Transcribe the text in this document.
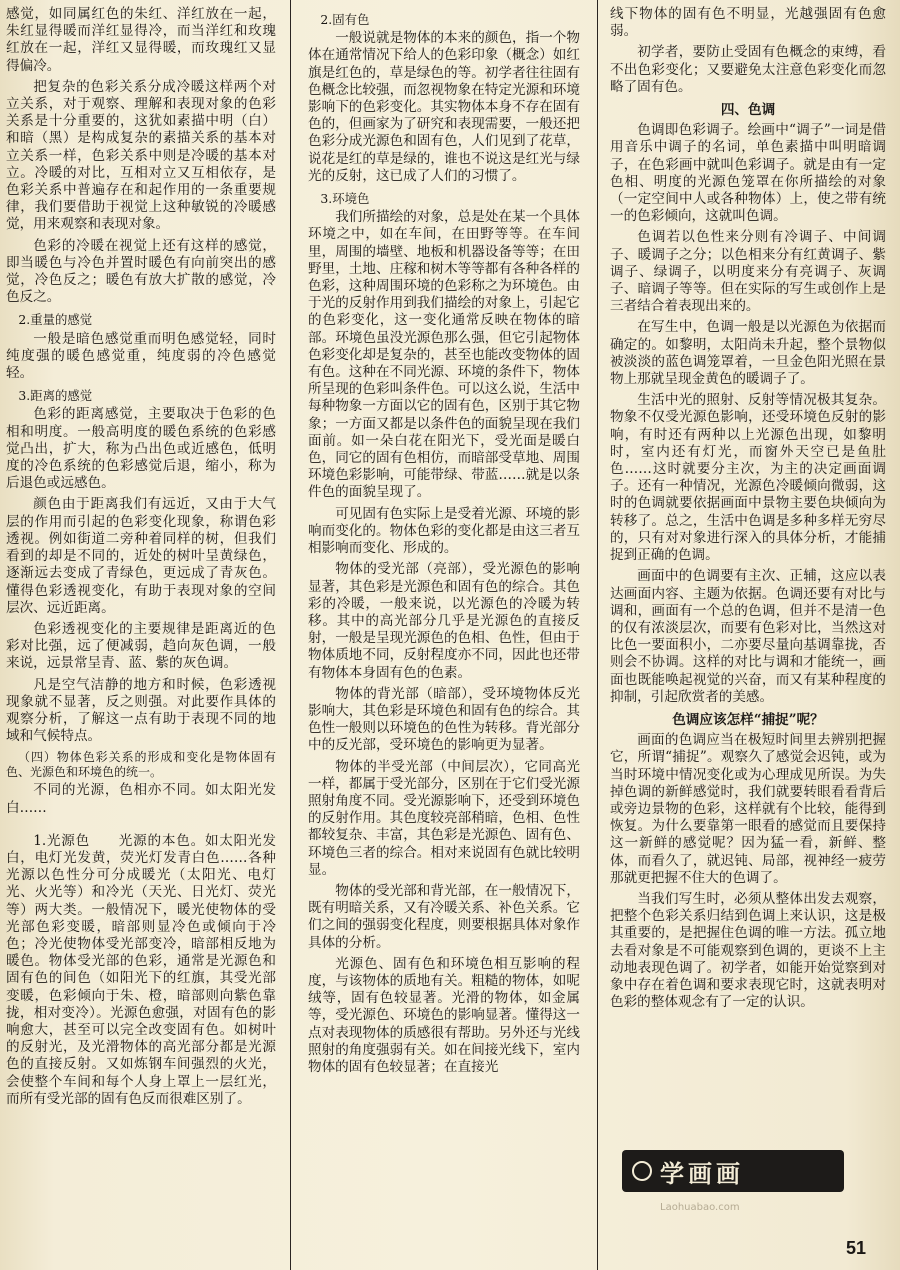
感觉，如同属红色的朱红、洋红放在一起，朱红显得暖而洋红显得冷，而当洋红和玫瑰红放在一起，洋红又显得暖，而玫瑰红又显得偏冷。

把复杂的色彩关系分成冷暖这样两个对立关系，对于观察、理解和表现对象的色彩关系是十分重要的，这犹如素描中明（白）和暗（黑）是构成复杂的素描关系的基本对立关系一样，色彩关系中则是冷暖的基本对立。冷暖的对比，互相对立又互相依存，是色彩关系中普遍存在和起作用的一条重要规律，我们要借助于视觉上这种敏锐的冷暖感觉，用来观察和表现对象。

色彩的冷暖在视觉上还有这样的感觉，即当暖色与冷色并置时暖色有向前突出的感觉，冷色反之；暖色有放大扩散的感觉，冷色反之。

2.重量的感觉

一般是暗色感觉重而明色感觉轻，同时纯度强的暖色感觉重，纯度弱的冷色感觉轻。

3.距离的感觉

色彩的距离感觉，主要取决于色彩的色相和明度。一般高明度的暖色系统的色彩感觉凸出，扩大，称为凸出色或近感色，低明度的冷色系统的色彩感觉后退，缩小，称为后退色或远感色。

颜色由于距离我们有远近，又由于大气层的作用而引起的色彩变化现象，称谓色彩透视。例如街道二旁种着同样的树，但我们看到的却是不同的，近处的树叶呈黄绿色，逐渐远去变成了青绿色，更远成了青灰色。懂得色彩透视变化，有助于表现对象的空间层次、远近距离。

色彩透视变化的主要规律是距离近的色彩对比强，远了便减弱，趋向灰色调，一般来说，远景常呈青、蓝、紫的灰色调。

凡是空气洁静的地方和时候，色彩透视现象就不显著，反之则强。对此要作具体的观察分析，了解这一点有助于表现不同的地域和气候特点。

（四）物体色彩关系的形成和变化是物体固有色、光源色和环境色的统一。

不同的光源，色相亦不同。如太阳光发白……

1.光源色　　光源的本色。如太阳光发白，电灯光发黄，荧光灯发青白色……各种光源以色性分可分成暖光（太阳光、电灯光、火光等）和冷光（天光、日光灯、荧光等）两大类。一般情况下，暖光使物体的受光部色彩变暖，暗部则显冷色或倾向于冷色；冷光使物体受光部变冷，暗部相反地为暖色。物体受光部的色彩，通常是光源色和固有色的间色（如阳光下的红旗，其受光部变暖，色彩倾向于朱、橙，暗部则向紫色靠拢，相对变冷）。光源色愈强，对固有色的影响愈大，甚至可以完全改变固有色。如树叶的反射光，及光滑物体的高光部分都是光源色的直接反射。又如炼钢车间强烈的火光，会使整个车间和每个人身上罩上一层红光，而所有受光部的固有色反而很难区别了。

2.固有色

一般说就是物体的本来的颜色，指一个物体在通常情况下给人的色彩印象（概念）如红旗是红色的，草是绿色的等。初学者往往固有色概念比较强，而忽视物象在特定光源和环境影响下的色彩变化。其实物体本身不存在固有色的，但画家为了研究和表现需要，一般还把色彩分成光源色和固有色，人们见到了花草，说花是红的草是绿的，谁也不说这是红光与绿光的反射，这已成了人们的习惯了。

3.环境色

我们所描绘的对象，总是处在某一个具体环境之中，如在车间，在田野等等。在车间里，周围的墙壁、地板和机器设备等等；在田野里，土地、庄稼和树木等等都有各种各样的色彩，这种周围环境的色彩称之为环境色。由于光的反射作用到我们描绘的对象上，引起它的色彩变化，这一变化通常反映在物体的暗部。环境色虽没光源色那么强，但它引起物体色彩变化却是复杂的，甚至也能改变物体的固有色。这种在不同光源、环境的条件下，物体所呈现的色彩叫条件色。可以这么说，生活中每种物象一方面以它的固有色，区别于其它物象；一方面又都是以条件色的面貌呈现在我们面前。如一朵白花在阳光下，受光面是暖白色，同它的固有色相仿，而暗部受草地、周围环境色彩影响，可能带绿、带蓝……就是以条件色的面貌呈现了。

可见固有色实际上是受着光源、环境的影响而变化的。物体色彩的变化都是由这三者互相影响而变化、形成的。

物体的受光部（亮部），受光源色的影响显著，其色彩是光源色和固有色的综合。其色彩的冷暖，一般来说，以光源色的冷暖为转移。其中的高光部分几乎是光源色的直接反射，一般是呈现光源色的色相、色性，但由于物体质地不同，反射程度亦不同，因此也还带有物体本身固有色的色素。

物体的背光部（暗部），受环境物体反光影响大，其色彩是环境色和固有色的综合。其色性一般则以环境色的色性为转移。背光部分中的反光部，受环境色的影响更为显著。

物体的半受光部（中间层次），它同高光一样，都属于受光部分，区别在于它们受光源照射角度不同。受光源影响下，还受到环境色的反射作用。其色度较亮部稍暗，色相、色性都较复杂、丰富，其色彩是光源色、固有色、环境色三者的综合。相对来说固有色就比较明显。

物体的受光部和背光部，在一般情况下，既有明暗关系，又有冷暖关系、补色关系。它们之间的强弱变化程度，则要根据具体对象作具体的分析。

光源色、固有色和环境色相互影响的程度，与该物体的质地有关。粗糙的物体，如呢绒等，固有色较显著。光滑的物体，如金属等，受光源色、环境色的影响显著。懂得这一点对表现物体的质感很有帮助。另外还与光线照射的角度强弱有关。如在间接光线下，室内物体的固有色较显著；在直接光

线下物体的固有色不明显，光越强固有色愈弱。

初学者，要防止受固有色概念的束缚，看不出色彩变化；又要避免太注意色彩变化而忽略了固有色。

四、色调

色调即色彩调子。绘画中“调子”一词是借用音乐中调子的名词，单色素描中叫明暗调子，在色彩画中就叫色彩调子。就是由有一定色相、明度的光源色笼罩在你所描绘的对象（一定空间中人或各种物体）上，使之带有统一的色彩倾向，这就叫色调。

色调若以色性来分则有冷调子、中间调子、暖调子之分；以色相来分有红黄调子、紫调子、绿调子，以明度来分有亮调子、灰调子、暗调子等等。但在实际的写生或创作上是三者结合着表现出来的。

在写生中，色调一般是以光源色为依据而确定的。如黎明，太阳尚未升起，整个景物似被淡淡的蓝色调笼罩着，一旦金色阳光照在景物上那就呈现金黄色的暖调子了。

生活中光的照射、反射等情况极其复杂。物象不仅受光源色影响，还受环境色反射的影响，有时还有两种以上光源色出现，如黎明时，室内还有灯光，而窗外天空已是鱼肚色……这时就要分主次，为主的决定画面调子。还有一种情况，光源色冷暖倾向微弱，这时的色调就要依据画面中景物主要色块倾向为转移了。总之，生活中色调是多种多样无穷尽的，只有对对象进行深入的具体分析，才能捕捉到正确的色调。

画面中的色调要有主次、正辅，这应以表达画面内容、主题为依据。色调还要有对比与调和，画面有一个总的色调，但并不是清一色的仅有浓淡层次，而要有色彩对比，当然这对比色一要面积小，二亦要尽量向基调靠拢，否则会不协调。这样的对比与调和才能统一，画面也既能唤起视觉的兴奋，而又有某种程度的抑制，引起欣赏者的美感。

色调应该怎样“捕捉”呢？

画面的色调应当在极短时间里去辨别把握它，所谓“捕捉”。观察久了感觉会迟钝，或为当时环境中情况变化或为心理成见所误。为失掉色调的新鲜感觉时，我们就要转眼看看背后或旁边景物的色彩，这样就有个比较，能得到恢复。为什么要靠第一眼看的感觉而且要保持这一新鲜的感觉呢？因为猛一看，新鲜、整体，而看久了，就迟钝、局部，视神经一疲劳那就更把握不住大的色调了。

当我们写生时，必须从整体出发去观察，把整个色彩关系归结到色调上来认识，这是极其重要的，是把握住色调的唯一方法。孤立地去看对象是不可能观察到色调的，更谈不上主动地表现色调了。初学者，如能开始觉察到对象中存在着色调和要求表现它时，这就表明对色彩的整体观念有了一定的认识。

学画画
Laohuabao.com
51
